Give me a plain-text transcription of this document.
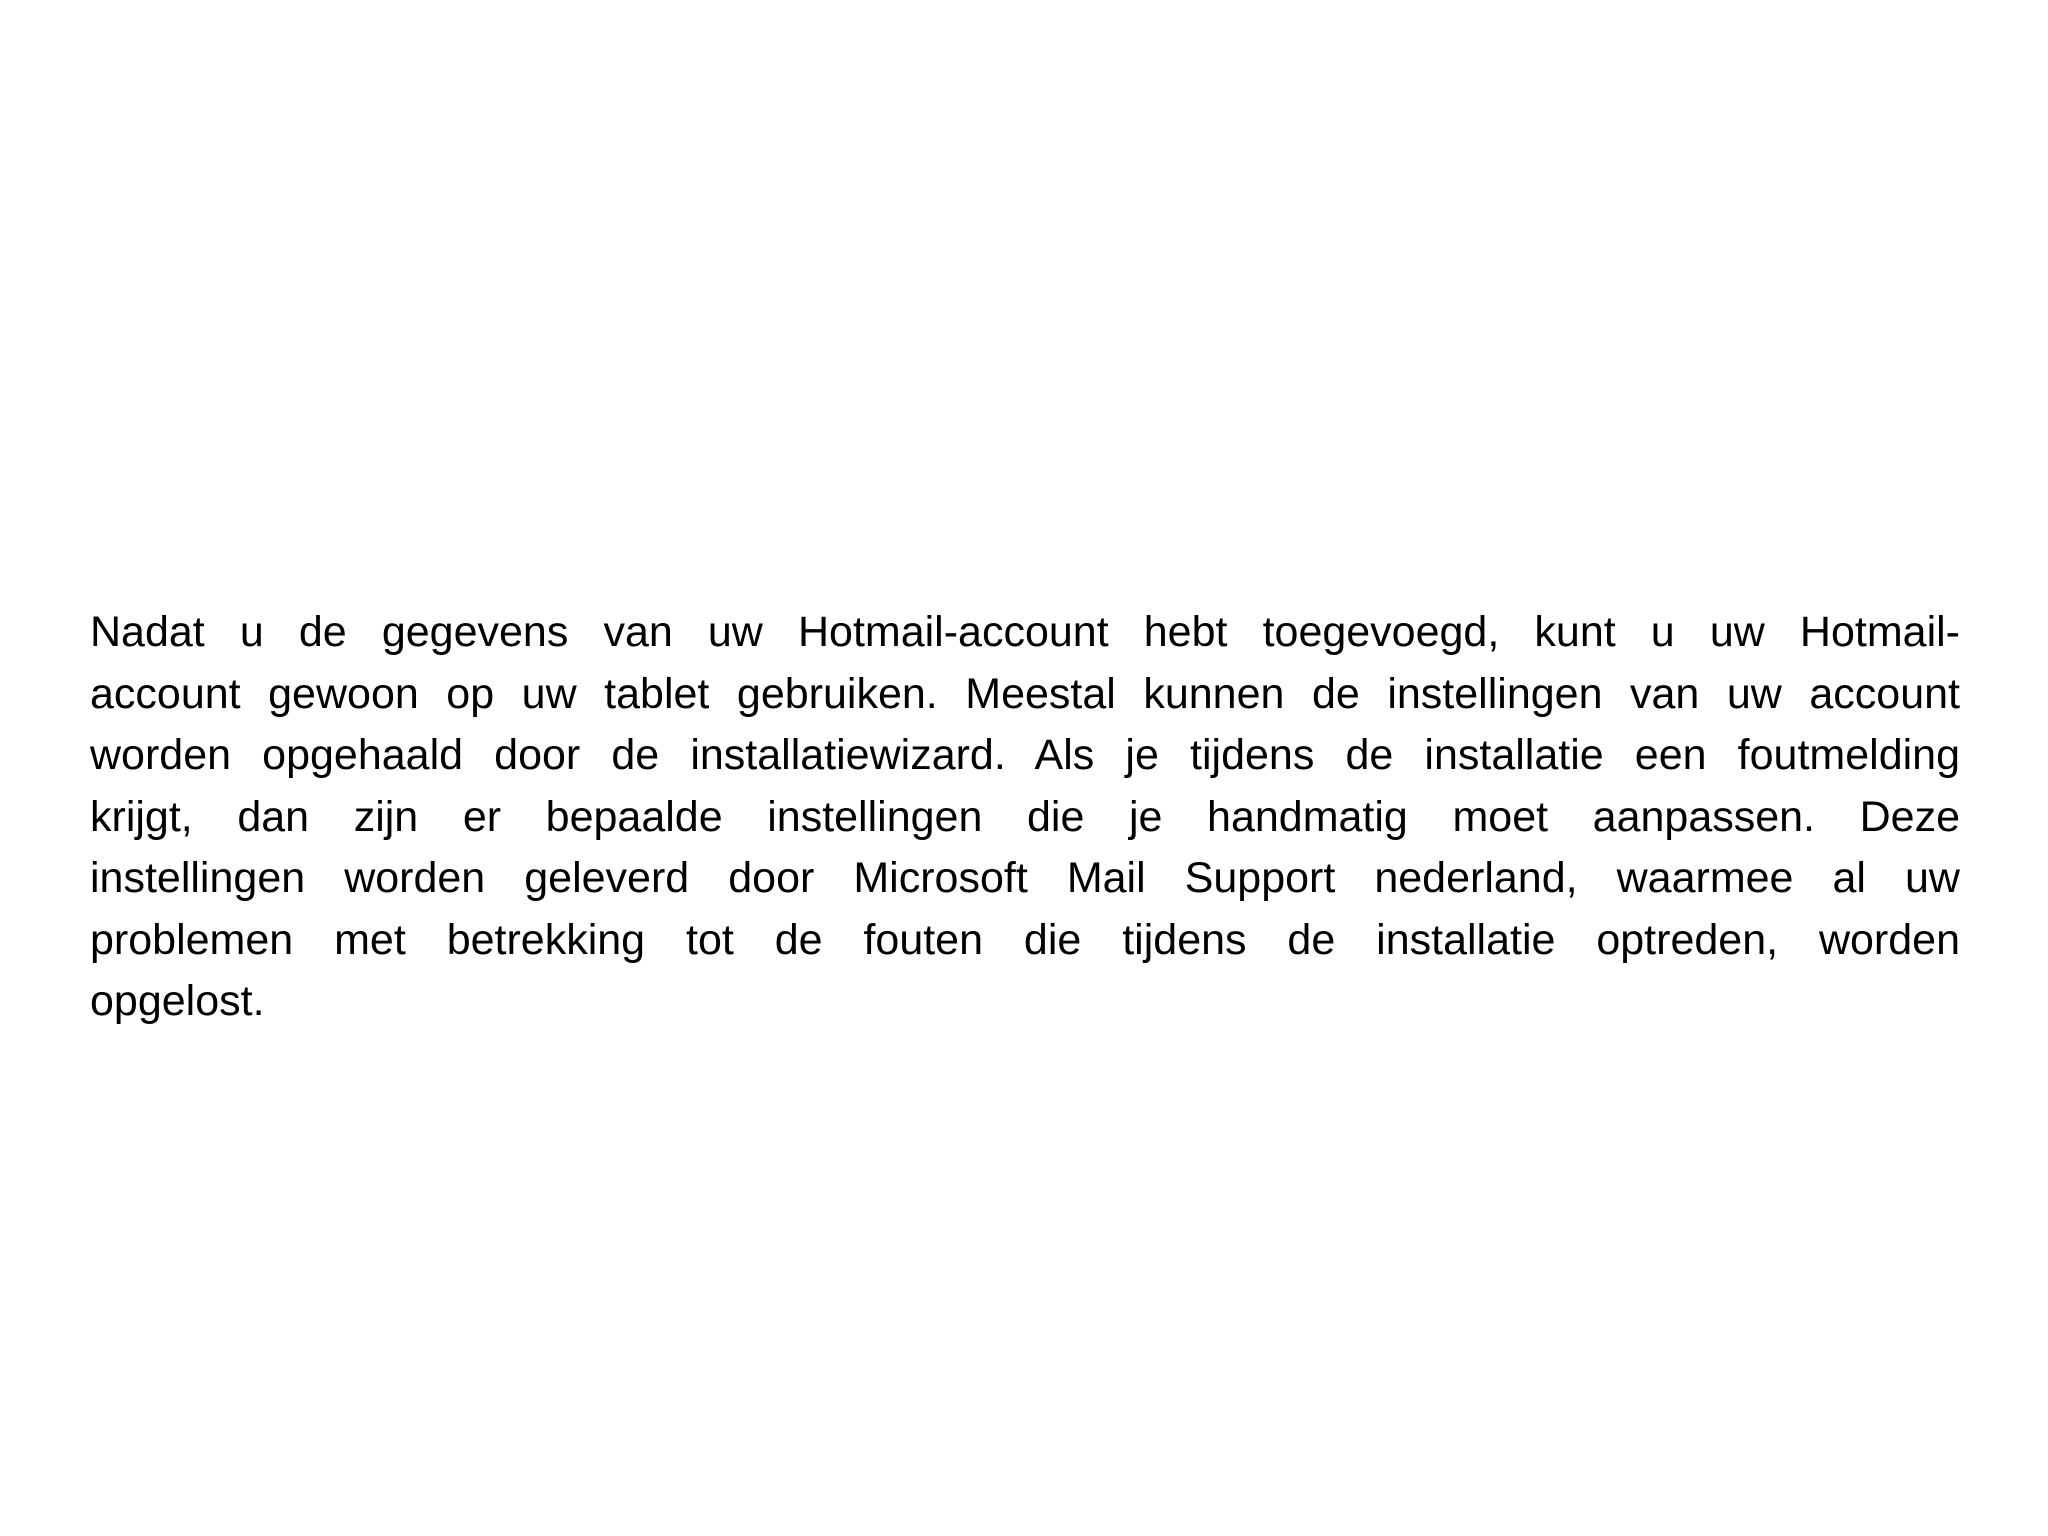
Nadat u de gegevens van uw Hotmail-account hebt toegevoegd, kunt u uw Hotmail-
account gewoon op uw tablet gebruiken. Meestal kunnen de instellingen van uw account
worden opgehaald door de installatiewizard. Als je tijdens de installatie een foutmelding
krijgt, dan zijn er bepaalde instellingen die je handmatig moet aanpassen. Deze
instellingen worden geleverd door Microsoft Mail Support nederland, waarmee al uw
problemen met betrekking tot de fouten die tijdens de installatie optreden, worden
opgelost.
